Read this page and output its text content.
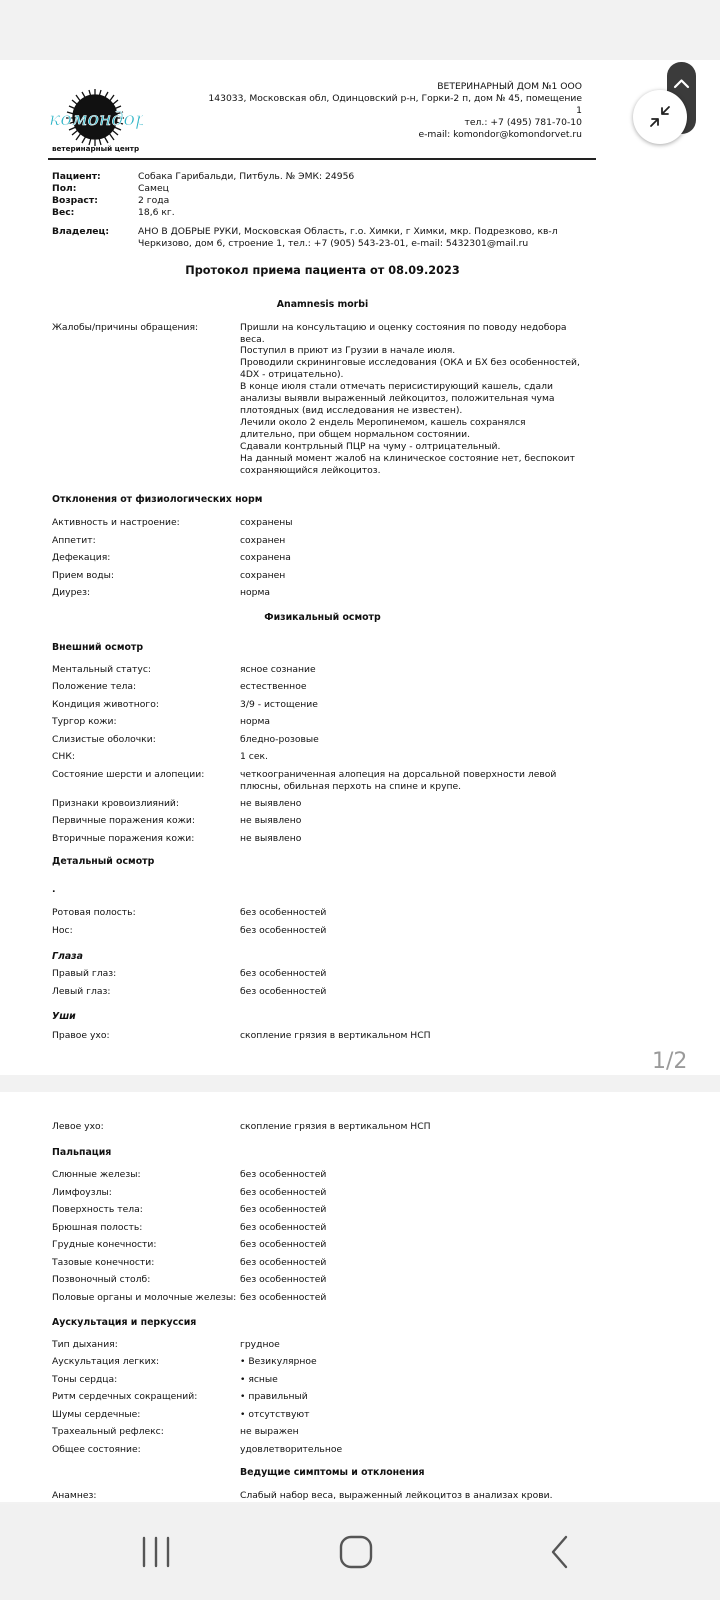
комондор
ветеринарный центр
ВЕТЕРИНАРНЫЙ ДОМ №1 ООО
143033, Московская обл, Одинцовский р-н, Горки-2 п, дом № 45, помещение 1
тел.: +7 (495) 781-70-10
e-mail: komondor@komondorvet.ru
Пациент:	Собака Гарибальди, Питбуль. № ЭМК: 24956
Пол:	Самец
Возраст:	2 года
Вес:	18,6 кг.
Владелец:	АНО В ДОБРЫЕ РУКИ, Московская Область, г.о. Химки, г Химки, мкр. Подрезково, кв-л Черкизово, дом 6, строение 1, тел.: +7 (905) 543-23-01, e-mail: 5432301@mail.ru
Протокол приема пациента от 08.09.2023
Anamnesis morbi
Жалобы/причины обращения:	Пришли на консультацию и оценку состояния по поводу недобора веса.
Поступил в приют из Грузии в начале июля.
Проводили скрининговые исследования (ОКА и БХ без особенностей, 4DX - отрицательно).
В конце июля стали отмечать перисистирующий кашель, сдали анализы выявли выраженный лейкоцитоз, положительная чума плотоядных (вид исследования не известен).
Лечили около 2 ендель Меропинемом, кашель сохранялся длительно, при общем нормальном состоянии.
Сдавали контрльный ПЦР на чуму - олтрицательный.
На данный момент жалоб на клиническое состояние нет, беспокоит сохраняющийся лейкоцитоз.
Отклонения от физиологических норм
Активность и настроение:	сохранены
Аппетит:	сохранен
Дефекация:	сохранена
Прием воды:	сохранен
Диурез:	норма
Физикальный осмотр
Внешний осмотр
Ментальный статус:	ясное сознание
Положение тела:	естественное
Кондиция животного:	3/9 - истощение
Тургор кожи:	норма
Слизистые оболочки:	бледно-розовые
СНК:	1 сек.
Состояние шерсти и алопеции:	четкоограниченная алопеция на дорсальной поверхности левой плюсны, обильная перхоть на спине и крупе.
Признаки кровоизлияний:	не выявлено
Первичные поражения кожи:	не выявлено
Вторичные поражения кожи:	не выявлено
Детальный осмотр
.
Ротовая полость:	без особенностей
Нос:	без особенностей
Глаза
Правый глаз:	без особенностей
Левый глаз:	без особенностей
Уши
Правое ухо:	скопление грязия в вертикальном НСП
Левое ухо:	скопление грязия в вертикальном НСП
Пальпация
Слюнные железы:	без особенностей
Лимфоузлы:	без особенностей
Поверхность тела:	без особенностей
Брюшная полость:	без особенностей
Грудные конечности:	без особенностей
Тазовые конечности:	без особенностей
Позвоночный столб:	без особенностей
Половые органы и молочные железы: без особенностей
Аускультация и перкуссия
Тип дыхания:	грудное
Аускультация легких:	• Везикулярное
Тоны сердца:	• ясные
Ритм сердечных сокращений:	• правильный
Шумы сердечные:	• отсутствуют
Трахеальный рефлекс:	не выражен
Общее состояние:	удовлетворительное
Ведущие симптомы и отклонения
Анамнез:	Слабый набор веса, выраженный лейкоцитоз в анализах крови.
1/2
